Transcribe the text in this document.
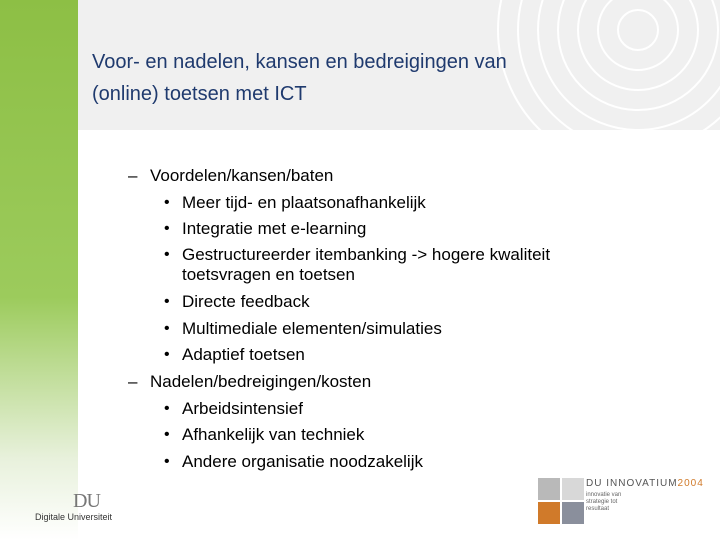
Voor- en nadelen, kansen en bedreigingen van
(online) toetsen met ICT
– Voordelen/kansen/baten
• Meer tijd- en plaatsonafhankelijk
• Integratie met e-learning
• Gestructureerder itembanking -> hogere kwaliteit
toetsvragen en toetsen
• Directe feedback
• Multimediale elementen/simulaties
• Adaptief toetsen
– Nadelen/bedreigingen/kosten
• Arbeidsintensief
• Afhankelijk van techniek
• Andere organisatie noodzakelijk
DU
Digitale Universiteit
DU INNOVATIUM2004
innovatie van strategie tot resultaat
